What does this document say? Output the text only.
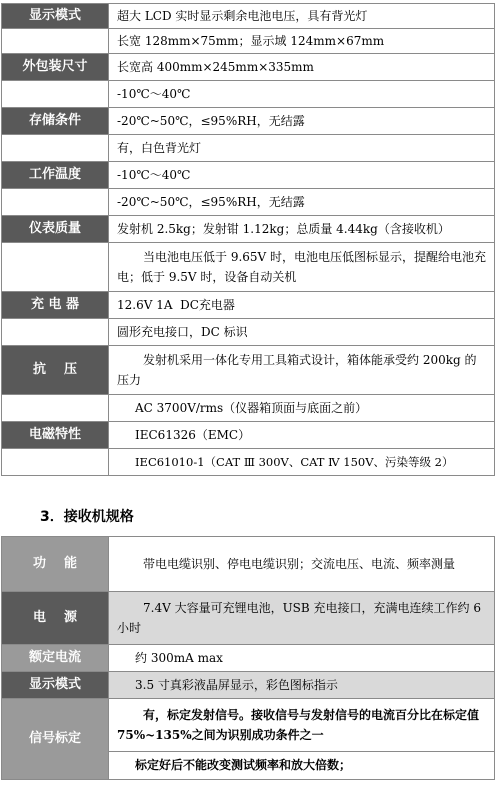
显示模式	超大 LCD 实时显示剩余电池电压，具有背光灯
	长宽 128mm×75mm；显示域 124mm×67mm
外包装尺寸	长宽高 400mm×245mm×335mm
	-10℃～40℃
存储条件	-20℃~50℃，≤95%RH，无结露
	有，白色背光灯
工作温度	-10℃～40℃
	-20℃~50℃，≤95%RH，无结露
仪表质量	发射机 2.5kg；发射钳 1.12kg；总质量 4.44kg（含接收机）
	当电池电压低于 9.65V 时，电池电压低图标显示，提醒给电池充电；低于 9.5V 时，设备自动关机
充 电 器	12.6V 1A  DC充电器
	圆形充电接口，DC 标识
抗    压	发射机采用一体化专用工具箱式设计，箱体能承受约 200kg 的压力
	AC 3700V/rms（仪器箱顶面与底面之前）
电磁特性	IEC61326（EMC）
	IEC61010-1（CAT Ⅲ 300V、CAT Ⅳ 150V、污染等级 2）
3．接收机规格
功    能	带电电缆识别、停电电缆识别；交流电压、电流、频率测量
电    源	7.4V 大容量可充锂电池，USB 充电接口，充满电连续工作约 6 小时
额定电流	约 300mA max
显示模式	3.5 寸真彩液晶屏显示，彩色图标指示
信号标定	有，标定发射信号。接收信号与发射信号的电流百分比在标定值 75%~135%之间为识别成功条件之一
	标定好后不能改变测试频率和放大倍数；
